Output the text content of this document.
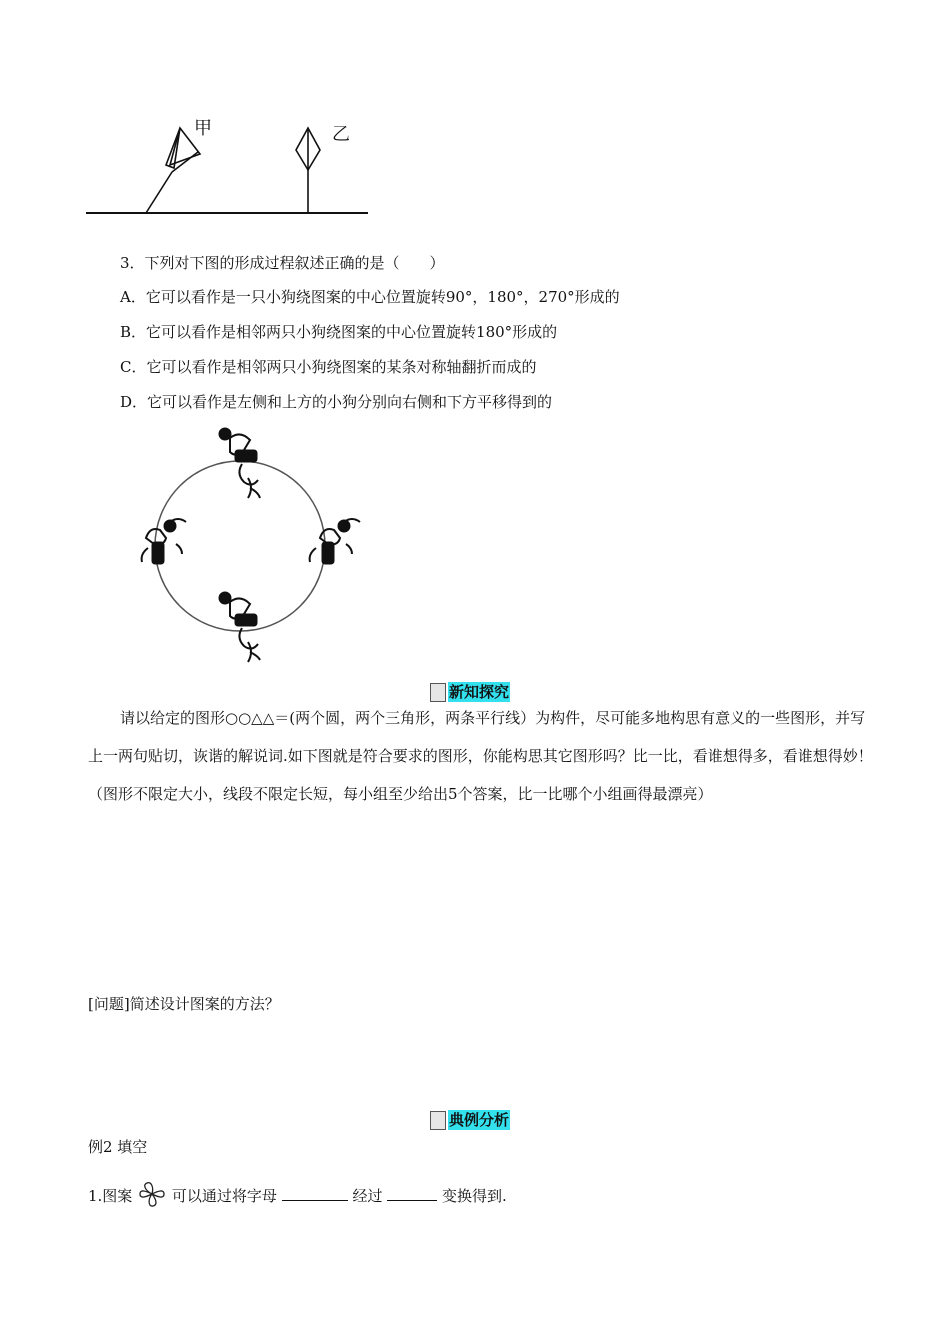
甲	乙
3．下列对下图的形成过程叙述正确的是（　　）
A．它可以看作是一只小狗绕图案的中心位置旋转90°，180°，270°形成的
B．它可以看作是相邻两只小狗绕图案的中心位置旋转180°形成的
C．它可以看作是相邻两只小狗绕图案的某条对称轴翻折而成的
D．它可以看作是左侧和上方的小狗分别向右侧和下方平移得到的
新知探究
请以给定的图形○○△△＝(两个圆，两个三角形，两条平行线）为构件，尽可能多地构思有意义的一些图形，并写上一两句贴切，诙谐的解说词.如下图就是符合要求的图形，你能构思其它图形吗？比一比，看谁想得多，看谁想得妙！（图形不限定大小，线段不限定长短，每小组至少给出5个答案，比一比哪个小组画得最漂亮）
[问题]简述设计图案的方法？
典例分析
例2 填空
1.图案	可以通过将字母	经过	变换得到.
